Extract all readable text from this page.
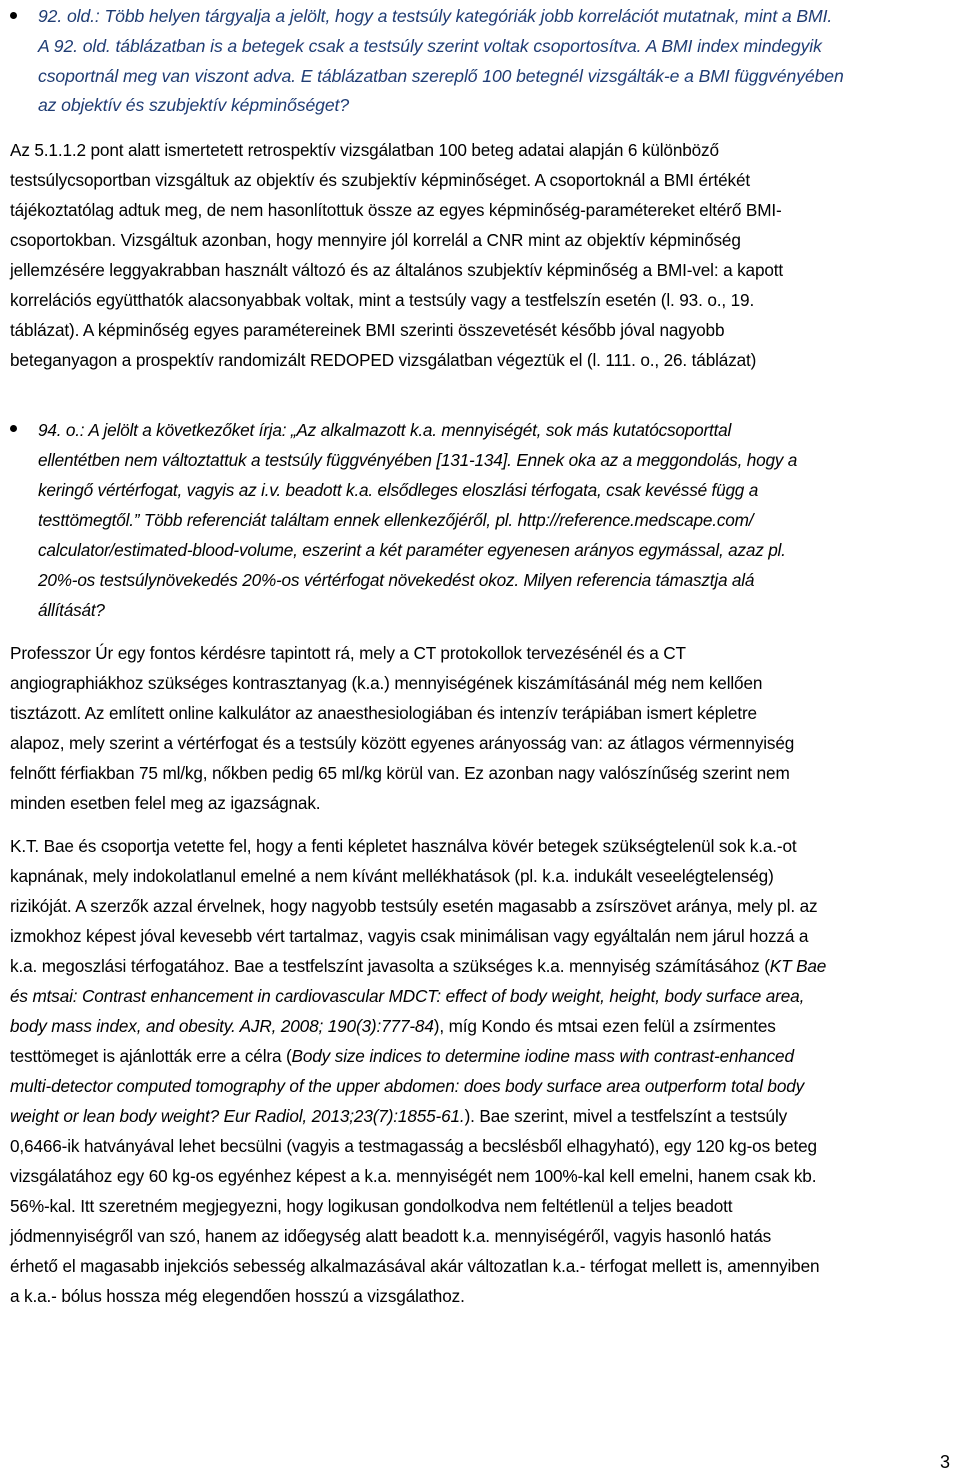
92. old.: Több helyen tárgyalja a jelölt, hogy a testsúly kategóriák jobb korrelációt mutatnak, mint a BMI.
A 92. old. táblázatban is a betegek csak a testsúly szerint voltak csoportosítva. A BMI index mindegyik
csoportnál meg van viszont adva. E táblázatban szereplő 100 betegnél vizsgálták-e a BMI függvényében
az objektív és szubjektív képminőséget?
Az 5.1.1.2 pont alatt ismertetett retrospektív vizsgálatban 100 beteg adatai alapján 6 különböző
testsúlycsoportban vizsgáltuk az objektív és szubjektív képminőséget. A csoportoknál a BMI értékét
tájékoztatólag adtuk meg, de nem hasonlítottuk össze az egyes képminőség-paramétereket eltérő BMI-
csoportokban. Vizsgáltuk azonban, hogy mennyire jól korrelál a CNR mint az objektív képminőség
jellemzésére leggyakrabban használt változó és az általános szubjektív képminőség a BMI-vel: a kapott
korrelációs együtthatók alacsonyabbak voltak, mint a testsúly vagy a testfelszín esetén (l. 93. o., 19.
táblázat). A képminőség egyes paramétereinek BMI szerinti összevetését később jóval nagyobb
beteganyagon a prospektív randomizált REDOPED vizsgálatban végeztük el (l. 111. o., 26. táblázat)
94. o.: A jelölt a következőket írja: „Az alkalmazott k.a. mennyiségét, sok más kutatócsoporttal
ellentétben nem változtattuk a testsúly függvényében [131-134]. Ennek oka az a meggondolás, hogy a
keringő vértérfogat, vagyis az i.v. beadott k.a. elsődleges eloszlási térfogata, csak kevéssé függ a
testtömegtől.” Több referenciát találtam ennek ellenkezőjéről, pl. http://reference.medscape.com/
calculator/estimated-blood-volume, eszerint a két paraméter egyenesen arányos egymással, azaz pl.
20%-os testsúlynövekedés 20%-os vértérfogat növekedést okoz. Milyen referencia támasztja alá
állítását?
Professzor Úr egy fontos kérdésre tapintott rá, mely a CT protokollok tervezésénél és a CT
angiographiákhoz szükséges kontrasztanyag (k.a.) mennyiségének kiszámításánál még nem kellően
tisztázott. Az említett online kalkulátor az anaesthesiologiában és intenzív terápiában ismert képletre
alapoz, mely szerint a vértérfogat és a testsúly között egyenes arányosság van: az átlagos vérmennyiség
felnőtt férfiakban 75 ml/kg, nőkben pedig 65 ml/kg körül van. Ez azonban nagy valószínűség szerint nem
minden esetben felel meg az igazságnak.
K.T. Bae és csoportja vetette fel, hogy a fenti képletet használva kövér betegek szükségtelenül sok k.a.-ot
kapnának, mely indokolatlanul emelné a nem kívánt mellékhatások (pl. k.a. indukált veseelégtelenség)
rizikóját. A szerzők azzal érvelnek, hogy nagyobb testsúly esetén magasabb a zsírszövet aránya, mely pl. az
izmokhoz képest jóval kevesebb vért tartalmaz, vagyis csak minimálisan vagy egyáltalán nem járul hozzá a
k.a. megoszlási térfogatához. Bae a testfelszínt javasolta a szükséges k.a. mennyiség számításához (KT Bae
és mtsai: Contrast enhancement in cardiovascular MDCT: effect of body weight, height, body surface area,
body mass index, and obesity. AJR, 2008; 190(3):777-84), míg Kondo és mtsai ezen felül a zsírmentes
testtömeget is ajánlották erre a célra (Body size indices to determine iodine mass with contrast-enhanced
multi-detector computed tomography of the upper abdomen: does body surface area outperform total body
weight or lean body weight? Eur Radiol, 2013;23(7):1855-61.). Bae szerint, mivel a testfelszínt a testsúly
0,6466-ik hatványával lehet becsülni (vagyis a testmagasság a becslésből elhagyható), egy 120 kg-os beteg
vizsgálatához egy 60 kg-os egyénhez képest a k.a. mennyiségét nem 100%-kal kell emelni, hanem csak kb.
56%-kal. Itt szeretném megjegyezni, hogy logikusan gondolkodva nem feltétlenül a teljes beadott
jódmennyiségről van szó, hanem az időegység alatt beadott k.a. mennyiségéről, vagyis hasonló hatás
érhető el magasabb injekciós sebesség alkalmazásával akár változatlan k.a.- térfogat mellett is, amennyiben
a k.a.- bólus hossza még elegendően hosszú a vizsgálathoz.
3
